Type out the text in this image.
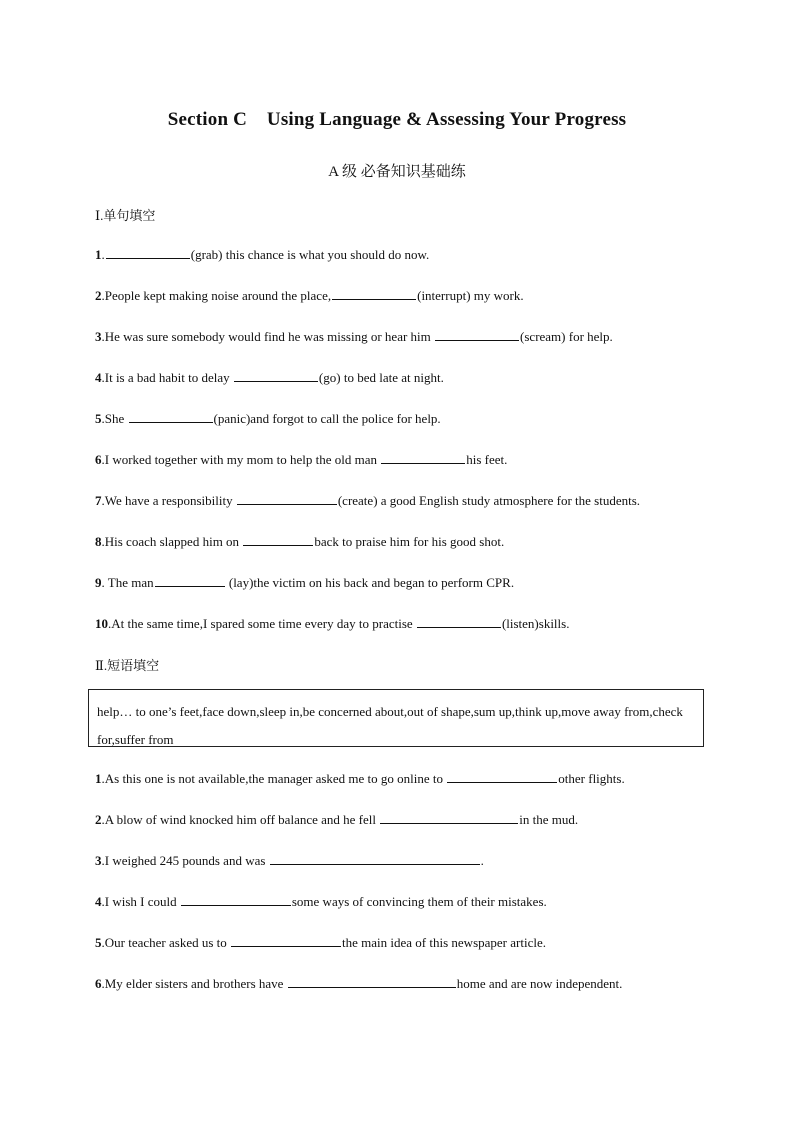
Section C    Using Language & Assessing Your Progress
A 级 必备知识基础练
Ⅰ.单句填空
1.	(grab) this chance is what you should do now.
2.People kept making noise around the place,	(interrupt) my work.
3.He was sure somebody would find he was missing or hear him	(scream) for help.
4.It is a bad habit to delay	(go) to bed late at night.
5.She	(panic)and forgot to call the police for help.
6.I worked together with my mom to help the old man	his feet.
7.We have a responsibility	(create) a good English study atmosphere for the students.
8.His coach slapped him on	back to praise him for his good shot.
9. The man	(lay)the victim on his back and began to perform CPR.
10.At the same time,I spared some time every day to practise	(listen)skills.
Ⅱ.短语填空
help… to one’s feet,face down,sleep in,be concerned about,out of shape,sum up,think up,move away from,check for,suffer from
1.As this one is not available,the manager asked me to go online to	other flights.
2.A blow of wind knocked him off balance and he fell	in the mud.
3.I weighed 245 pounds and was	.
4.I wish I could	some ways of convincing them of their mistakes.
5.Our teacher asked us to	the main idea of this newspaper article.
6.My elder sisters and brothers have	home and are now independent.
